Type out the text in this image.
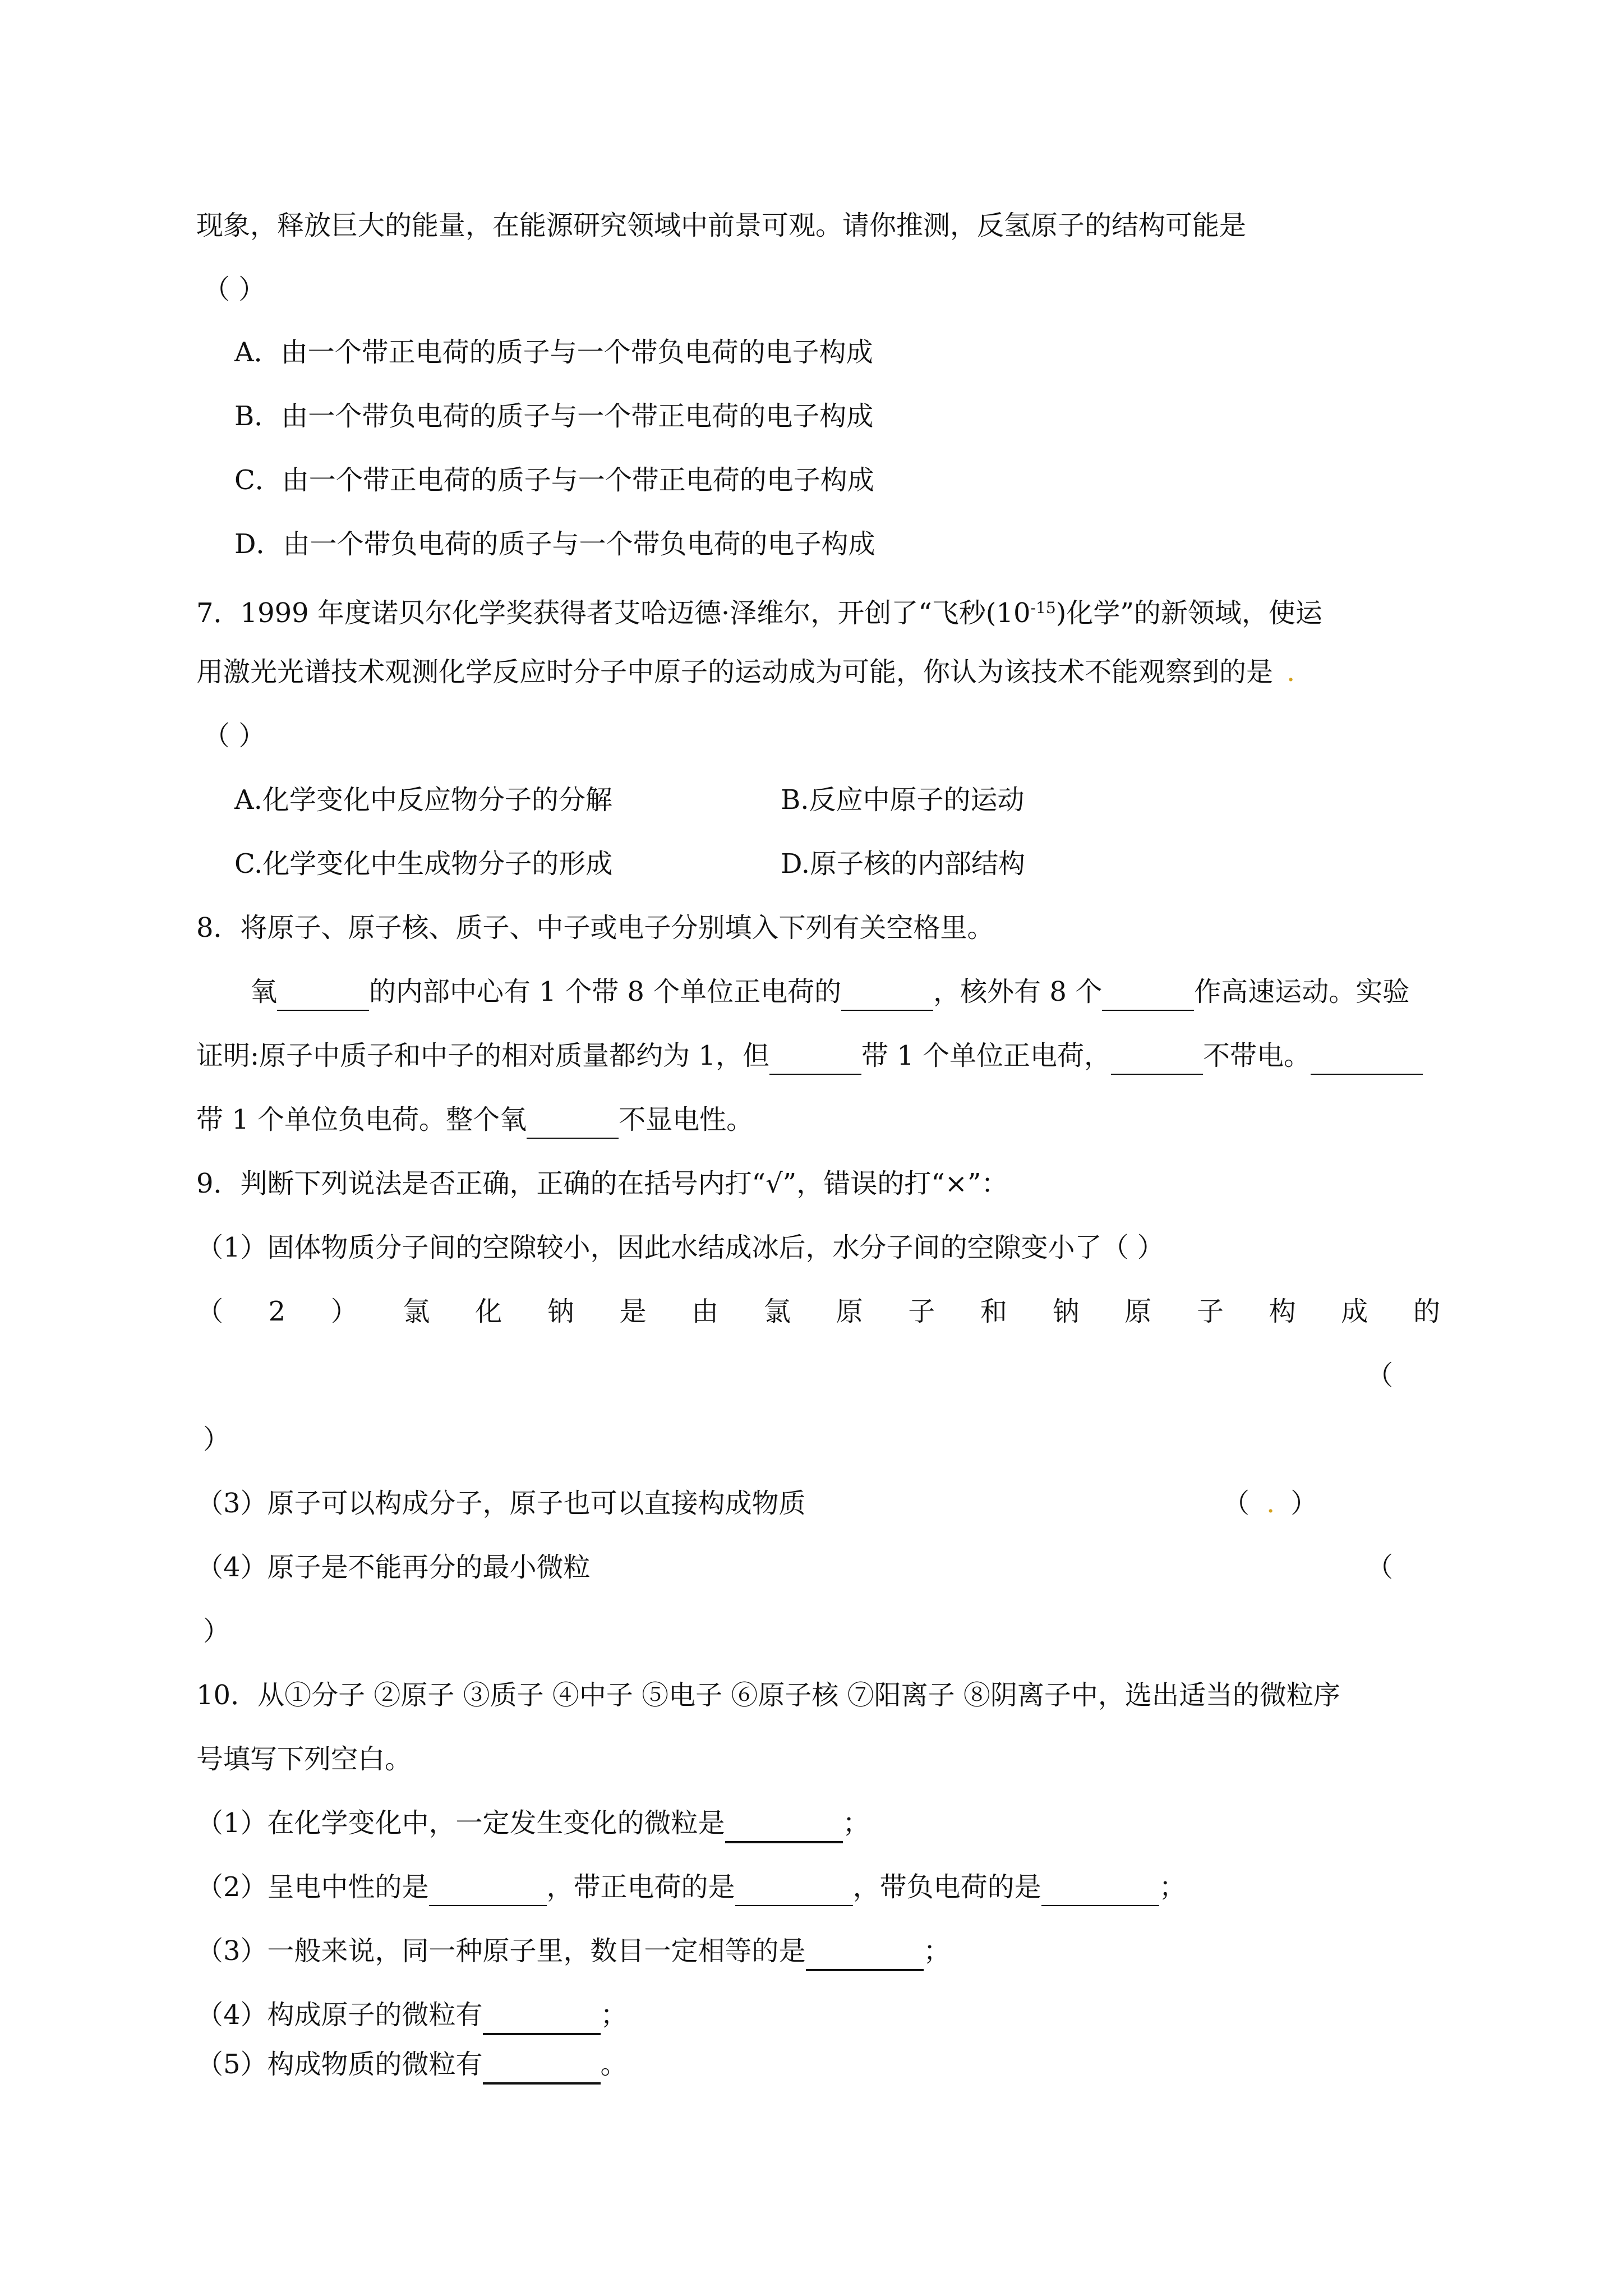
现象，释放巨大的能量，在能源研究领域中前景可观。请你推测，反氢原子的结构可能是
（ ）
A．由一个带正电荷的质子与一个带负电荷的电子构成
B．由一个带负电荷的质子与一个带正电荷的电子构成
C．由一个带正电荷的质子与一个带正电荷的电子构成
D．由一个带负电荷的质子与一个带负电荷的电子构成
7．1999 年度诺贝尔化学奖获得者艾哈迈德·泽维尔，开创了“飞秒$(10^{-15})$化学”的新领域，使运
用激光光谱技术观测化学反应时分子中原子的运动成为可能，你认为该技术不能观察到的是 .
（ ）
A.化学变化中反应物分子的分解	B.反应中原子的运动
C.化学变化中生成物分子的形成	D.原子核的内部结构
8．将原子、原子核、质子、中子或电子分别填入下列有关空格里。
氧	的内部中心有 1 个带 8 个单位正电荷的	，核外有 8 个	作高速运动。实验
证明:原子中质子和中子的相对质量都约为 1，但	带 1 个单位正电荷，	不带电。
带 1 个单位负电荷。整个氧	不显电性。
9．判断下列说法是否正确，正确的在括号内打“√”，错误的打“×”：
（1）固体物质分子间的空隙较小，因此水结成冰后，水分子间的空隙变小了（ ）
（ 2 ） 氯 化 钠 是 由 氯 原 子 和 钠 原 子 构 成 的
（
）
（3）原子可以构成分子，原子也可以直接构成物质	（ . ）
（4）原子是不能再分的最小微粒	（
）
10．从①分子 ②原子 ③质子 ④中子 ⑤电子 ⑥原子核 ⑦阳离子 ⑧阴离子中，选出适当的微粒序
号填写下列空白。
（1）在化学变化中，一定发生变化的微粒是	；
（2）呈电中性的是	，带正电荷的是	，带负电荷的是	；
（3）一般来说，同一种原子里，数目一定相等的是	；
（4）构成原子的微粒有	；
（5）构成物质的微粒有	。
